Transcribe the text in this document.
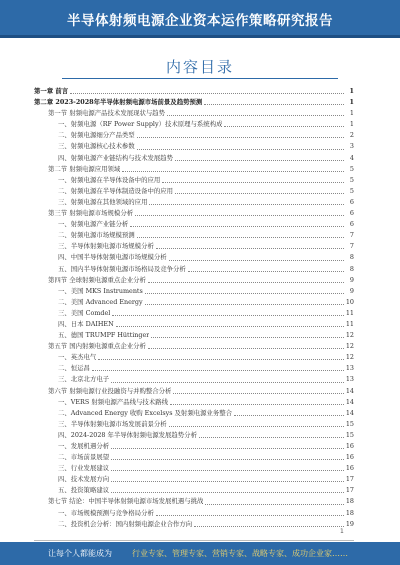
半导体射频电源企业资本运作策略研究报告
内容目录
第一章 前言	1
第二章 2023-2028年半导体射频电源市场前景及趋势预测	1
第一节 射频电源产品技术发展现状与趋势	1
一、射频电源（RF Power Supply）技术原理与系统构成	1
二、射频电源细分产品类型	2
三、射频电源核心技术参数	3
四、射频电源产业链结构与技术发展趋势	4
第二节 射频电源应用领域	5
一、射频电源在半导体设备中的应用	5
二、射频电源在半导体制造设备中的应用	5
三、射频电源在其他领域的应用	6
第三节 射频电源市场规模分析	6
一、射频电源产业链分析	6
二、射频电源市场规模预测	7
三、半导体射频电源市场规模分析	7
四、中国半导体射频电源市场规模分析	8
五、国内半导体射频电源市场格局及竞争分析	8
第四节 全球射频电源重点企业分析	9
一、美国 MKS Instruments	9
二、美国 Advanced Energy	10
三、美国 Comdel	11
四、日本 DAIHEN	11
五、德国 TRUMPF Hüttinger	12
第五节 国内射频电源重点企业分析	12
一、英杰电气	12
二、恒运昌	13
三、北京北方电子	13
第六节 射频电源行业投融资与并购整合分析	14
一、VERS 射频电源产品线与技术路线	14
二、Advanced Energy 收购 Excelsys 及射频电源业务整合	14
三、半导体射频电源市场发展前景分析	15
四、2024-2028 年半导体射频电源发展趋势分析	15
一、发展机遇分析	16
二、市场前景展望	16
三、行业发展建议	16
四、技术发展方向	17
五、投资策略建议	17
第七节 结论：中国半导体射频电源市场发展机遇与挑战	18
一、市场规模预测与竞争格局分析	18
二、投资机会分析：国内射频电源企业合作方向	19
1
让每个人都能成为	行业专家、管理专家、营销专家、战略专家、成功企业家……
